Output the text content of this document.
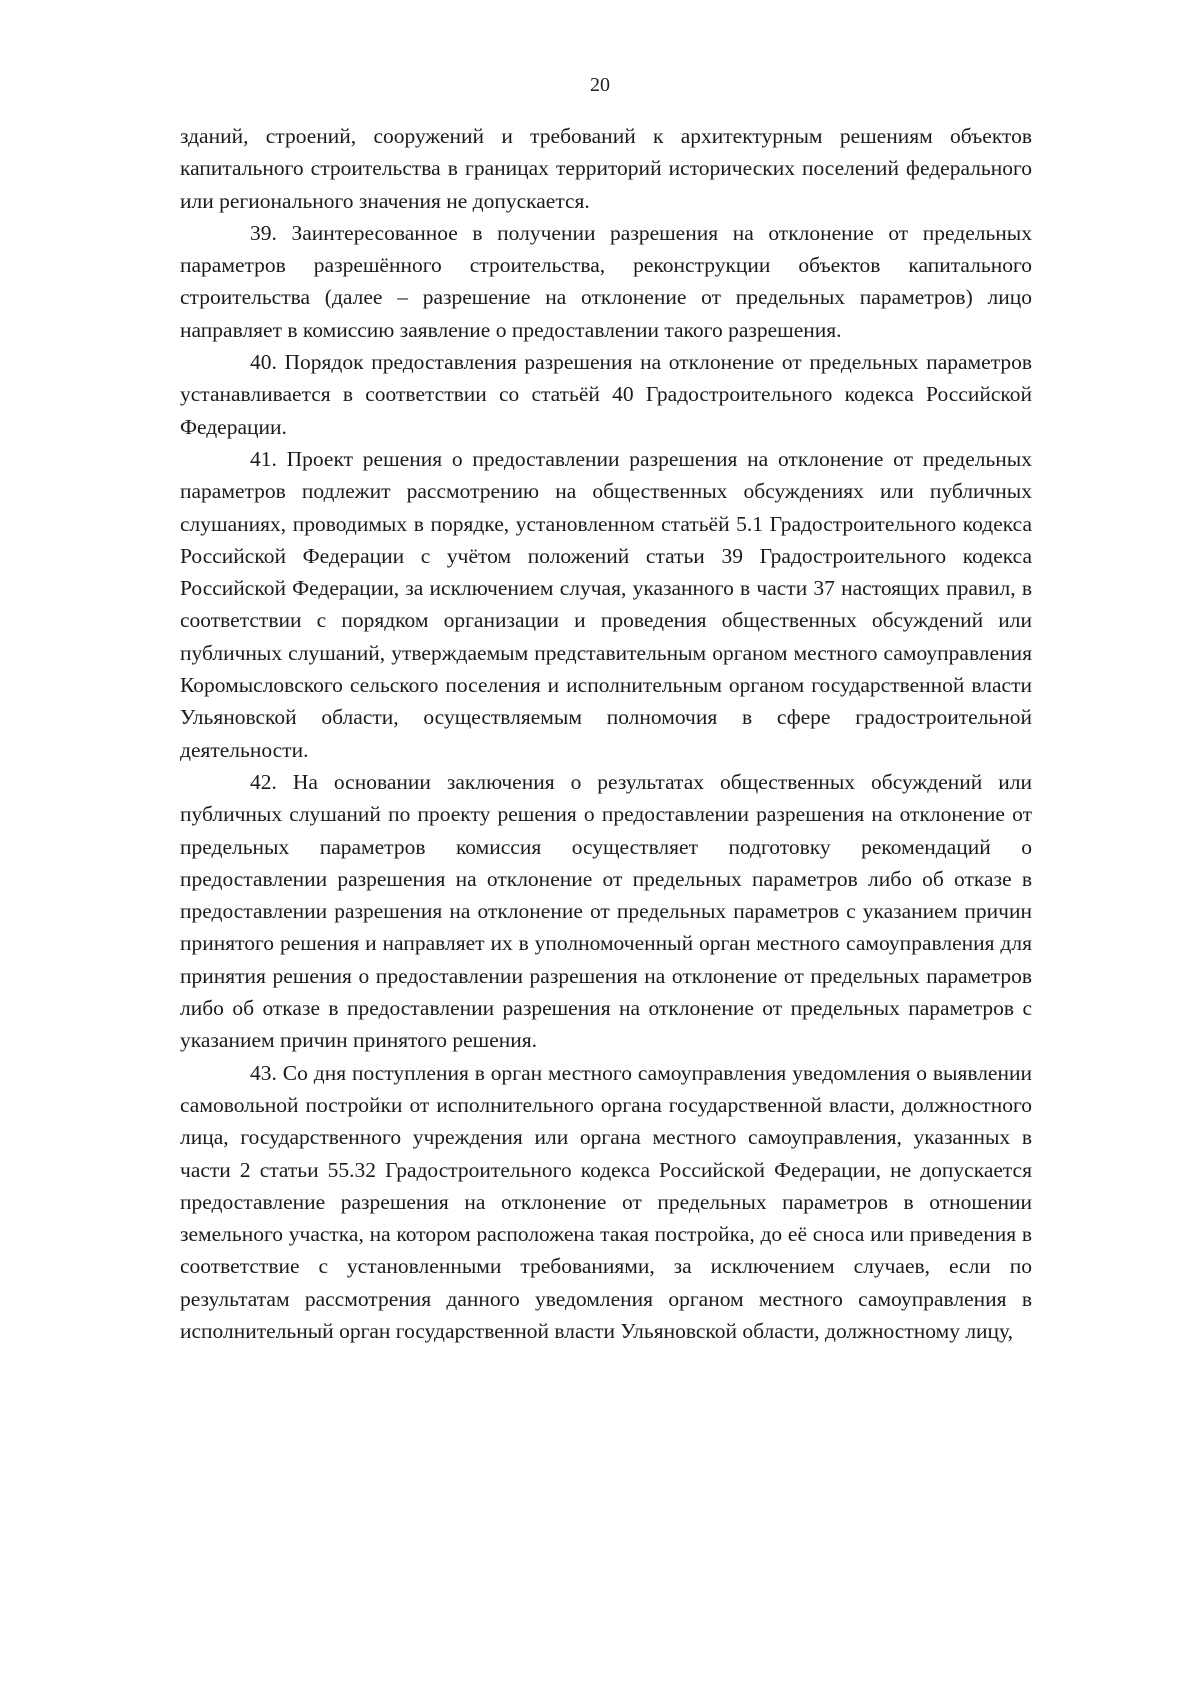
20

зданий, строений, сооружений и требований к архитектурным решениям объектов капитального строительства в границах территорий исторических поселений федерального или регионального значения не допускается.

39. Заинтересованное в получении разрешения на отклонение от предельных параметров разрешённого строительства, реконструкции объектов капитального строительства (далее – разрешение на отклонение от предельных параметров) лицо направляет в комиссию заявление о предоставлении такого разрешения.

40. Порядок предоставления разрешения на отклонение от предельных параметров устанавливается в соответствии со статьёй 40 Градостроительного кодекса Российской Федерации.

41. Проект решения о предоставлении разрешения на отклонение от предельных параметров подлежит рассмотрению на общественных обсуждениях или публичных слушаниях, проводимых в порядке, установленном статьёй 5.1 Градостроительного кодекса Российской Федерации с учётом положений статьи 39 Градостроительного кодекса Российской Федерации, за исключением случая, указанного в части 37 настоящих правил, в соответствии с порядком организации и проведения общественных обсуждений или публичных слушаний, утверждаемым представительным органом местного самоуправления Коромысловского сельского поселения и исполнительным органом государственной власти Ульяновской области, осуществляемым полномочия в сфере градостроительной деятельности.

42. На основании заключения о результатах общественных обсуждений или публичных слушаний по проекту решения о предоставлении разрешения на отклонение от предельных параметров комиссия осуществляет подготовку рекомендаций о предоставлении разрешения на отклонение от предельных параметров либо об отказе в предоставлении разрешения на отклонение от предельных параметров с указанием причин принятого решения и направляет их в уполномоченный орган местного самоуправления для принятия решения о предоставлении разрешения на отклонение от предельных параметров либо об отказе в предоставлении разрешения на отклонение от предельных параметров с указанием причин принятого решения.

43. Со дня поступления в орган местного самоуправления уведомления о выявлении самовольной постройки от исполнительного органа государственной власти, должностного лица, государственного учреждения или органа местного самоуправления, указанных в части 2 статьи 55.32 Градостроительного кодекса Российской Федерации, не допускается предоставление разрешения на отклонение от предельных параметров в отношении земельного участка, на котором расположена такая постройка, до её сноса или приведения в соответствие с установленными требованиями, за исключением случаев, если по результатам рассмотрения данного уведомления органом местного самоуправления в исполнительный орган государственной власти Ульяновской области, должностному лицу,
